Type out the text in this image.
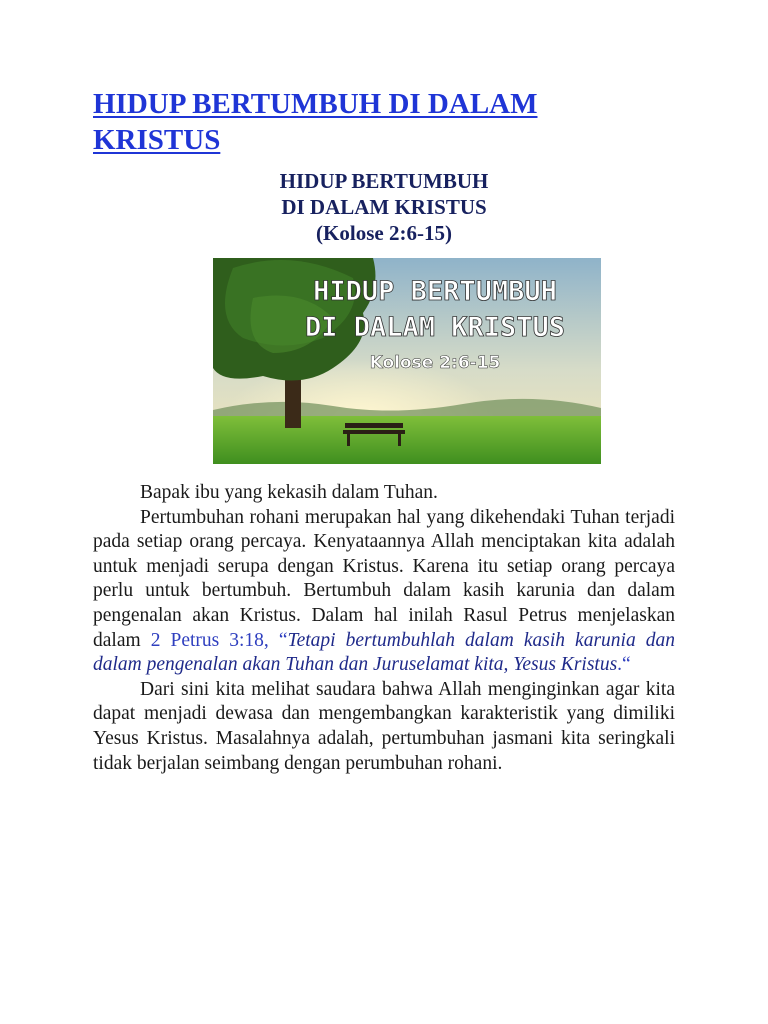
HIDUP BERTUMBUH DI DALAM KRISTUS
HIDUP BERTUMBUH
DI DALAM KRISTUS
(Kolose 2:6-15)
HIDUP BERTUMBUH
DI DALAM KRISTUS
Kolose 2:6-15

Bapak ibu yang kekasih dalam Tuhan.

Pertumbuhan rohani merupakan hal yang dikehendaki Tuhan terjadi pada setiap orang percaya. Kenyataannya Allah menciptakan kita adalah untuk menjadi serupa dengan Kristus. Karena itu setiap orang percaya perlu untuk bertumbuh. Bertumbuh dalam kasih karunia dan dalam pengenalan akan Kristus. Dalam hal inilah Rasul Petrus menjelaskan dalam 2 Petrus 3:18, “Tetapi bertumbuhlah dalam kasih karunia dan dalam pengenalan akan Tuhan dan Juruselamat kita, Yesus Kristus.“

Dari sini kita melihat saudara bahwa Allah menginginkan agar kita dapat menjadi dewasa dan mengembangkan karakteristik yang dimiliki Yesus Kristus. Masalahnya adalah, pertumbuhan jasmani kita seringkali tidak berjalan seimbang dengan perumbuhan rohani.
